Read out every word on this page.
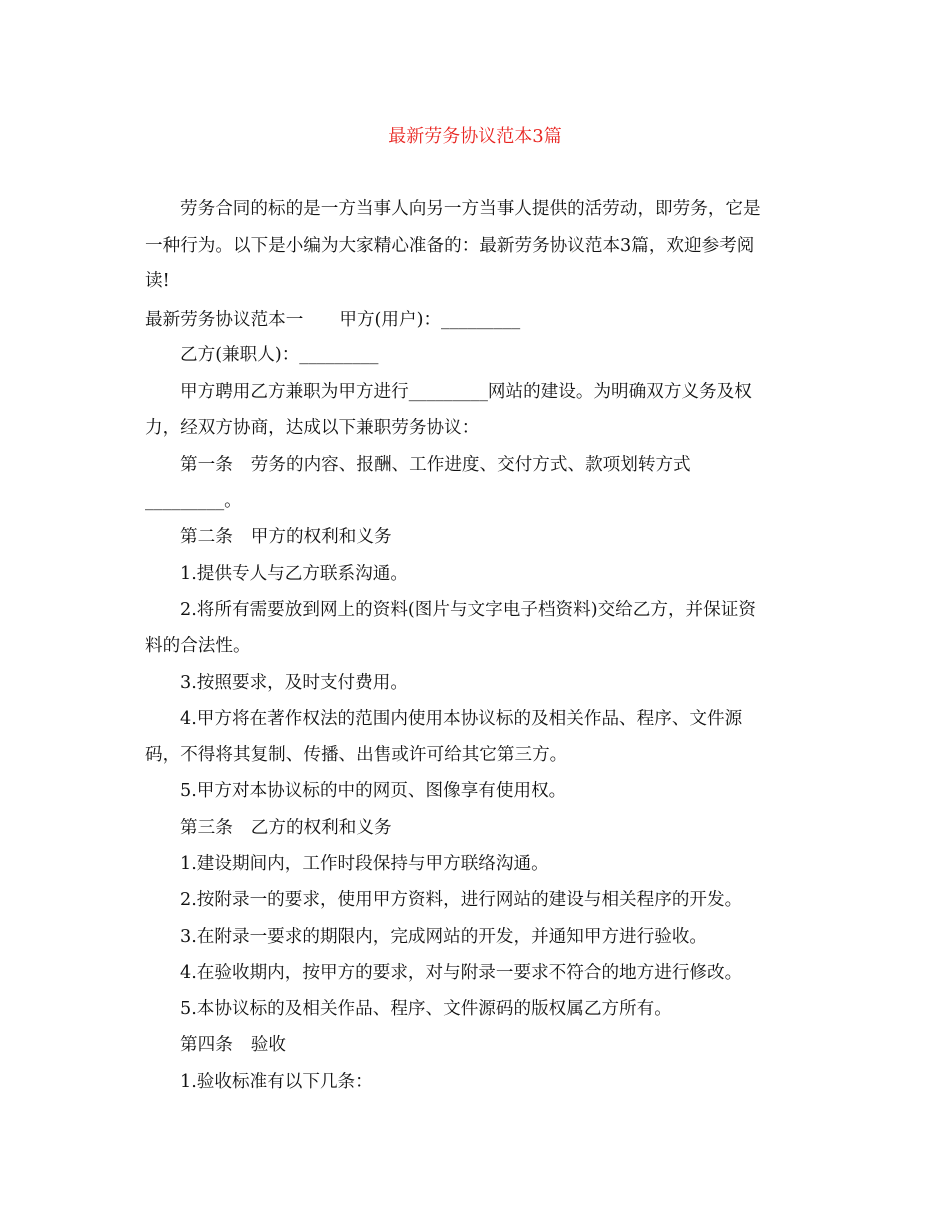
最新劳务协议范本3篇
劳务合同的标的是一方当事人向另一方当事人提供的活劳动，即劳务，它是
一种行为。以下是小编为大家精心准备的：最新劳务协议范本3篇，欢迎参考阅
读!
最新劳务协议范本一 甲方(用户)：_________
乙方(兼职人)：_________
甲方聘用乙方兼职为甲方进行_________网站的建设。为明确双方义务及权
力，经双方协商，达成以下兼职劳务协议：
第一条 劳务的内容、报酬、工作进度、交付方式、款项划转方式
_________。
第二条 甲方的权利和义务
1.提供专人与乙方联系沟通。
2.将所有需要放到网上的资料(图片与文字电子档资料)交给乙方，并保证资
料的合法性。
3.按照要求，及时支付费用。
4.甲方将在著作权法的范围内使用本协议标的及相关作品、程序、文件源
码，不得将其复制、传播、出售或许可给其它第三方。
5.甲方对本协议标的中的网页、图像享有使用权。
第三条 乙方的权利和义务
1.建设期间内，工作时段保持与甲方联络沟通。
2.按附录一的要求，使用甲方资料，进行网站的建设与相关程序的开发。
3.在附录一要求的期限内，完成网站的开发，并通知甲方进行验收。
4.在验收期内，按甲方的要求，对与附录一要求不符合的地方进行修改。
5.本协议标的及相关作品、程序、文件源码的版权属乙方所有。
第四条 验收
1.验收标准有以下几条：
